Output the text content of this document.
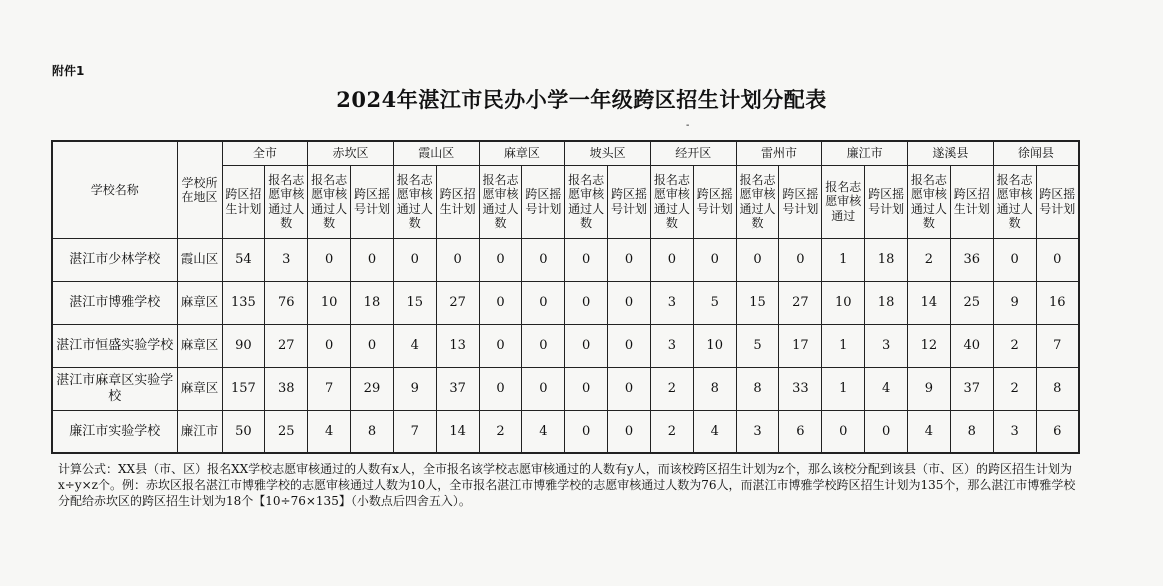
附件1
2024年湛江市民办小学一年级跨区招生计划分配表
-
学校名称	学校所在地区	全市		赤坎区		霞山区		麻章区		坡头区		经开区		雷州市		廉江市		遂溪县		徐闻县	
		跨区招生计划	报名志愿审核通过人数	报名志愿审核通过人数	跨区摇号计划	报名志愿审核通过人数	跨区招生计划	报名志愿审核通过人数	跨区摇号计划	报名志愿审核通过人数	跨区摇号计划	报名志愿审核通过人数	跨区摇号计划	报名志愿审核通过人数	跨区摇号计划	报名志愿审核通过	跨区摇号计划	报名志愿审核通过人数	跨区招生计划	报名志愿审核通过人数	跨区摇号计划
湛江市少林学校	霞山区	54	3	0	0	0	0	0	0	0	0	0	0	0	0	1	18	2	36	0	0
湛江市博雅学校	麻章区	135	76	10	18	15	27	0	0	0	0	3	5	15	27	10	18	14	25	9	16
湛江市恒盛实验学校	麻章区	90	27	0	0	4	13	0	0	0	0	3	10	5	17	1	3	12	40	2	7
湛江市麻章区实验学校	麻章区	157	38	7	29	9	37	0	0	0	0	2	8	8	33	1	4	9	37	2	8
廉江市实验学校	廉江市	50	25	4	8	7	14	2	4	0	0	2	4	3	6	0	0	4	8	3	6
计算公式：XX县（市、区）报名XX学校志愿审核通过的人数有x人，全市报名该学校志愿审核通过的人数有y人，而该校跨区招生计划为z个，那么该校分配到该县（市、区）的跨区招生计划为x÷y×z个。例：赤坎区报名湛江市博雅学校的志愿审核通过人数为10人，全市报名湛江市博雅学校的志愿审核通过人数为76人，而湛江市博雅学校跨区招生计划为135个，那么湛江市博雅学校分配给赤坎区的跨区招生计划为18个【10÷76×135】（小数点后四舍五入）。
